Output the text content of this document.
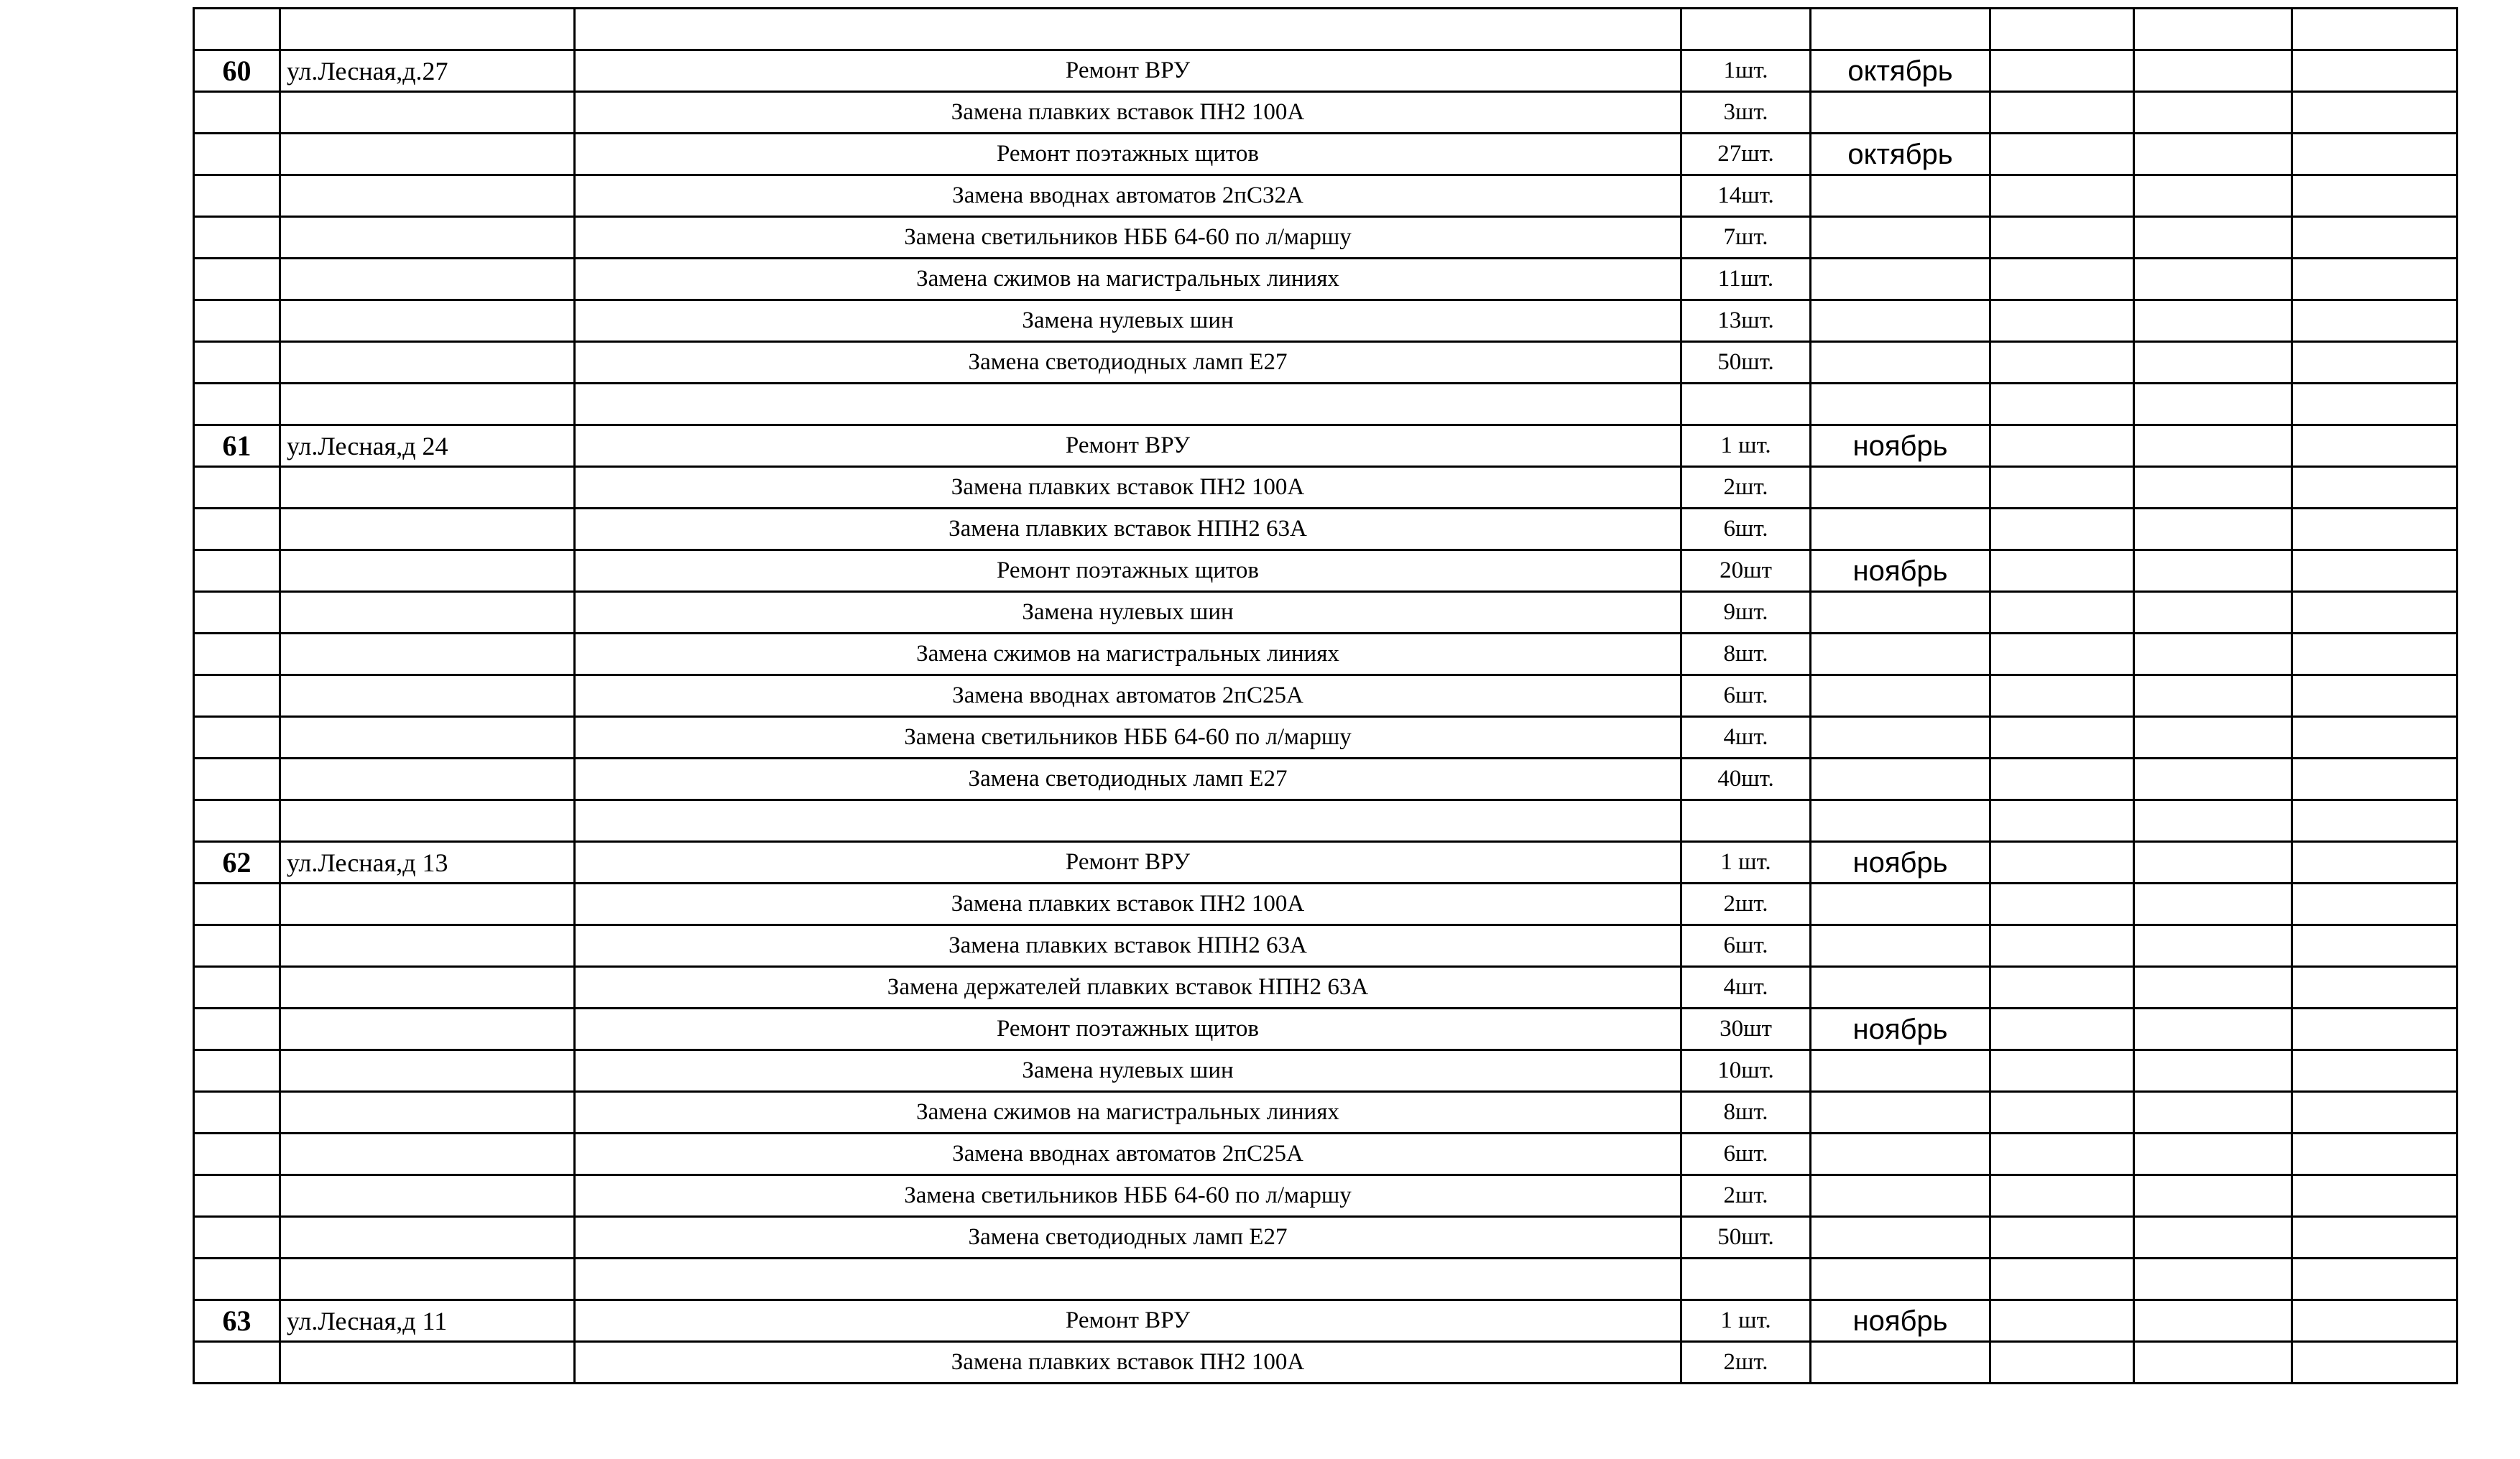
60	ул.Лесная,д.27	Ремонт ВРУ	1шт.	октябрь			
		Замена плавких вставок ПН2 100А	3шт.				
		Ремонт поэтажных щитов	27шт.	октябрь			
		Замена вводнах автоматов 2пС32А	14шт.				
		Замена светильников НББ 64-60 по л/маршу	7шт.				
		Замена сжимов на магистральных линиях	11шт.				
		Замена нулевых шин	13шт.				
		Замена светодиодных ламп Е27	50шт.				

61	ул.Лесная,д 24	Ремонт ВРУ	1 шт.	ноябрь			
		Замена плавких вставок ПН2 100А	2шт.				
		Замена плавких вставок НПН2 63А	6шт.				
		Ремонт поэтажных щитов	20шт	ноябрь			
		Замена нулевых шин	9шт.				
		Замена сжимов на магистральных линиях	8шт.				
		Замена вводнах автоматов 2пС25А	6шт.				
		Замена светильников НББ 64-60 по л/маршу	4шт.				
		Замена светодиодных ламп Е27	40шт.				

62	ул.Лесная,д 13	Ремонт ВРУ	1 шт.	ноябрь			
		Замена плавких вставок ПН2 100А	2шт.				
		Замена плавких вставок НПН2 63А	6шт.				
		Замена держателей плавких вставок НПН2 63А	4шт.				
		Ремонт поэтажных щитов	30шт	ноябрь			
		Замена нулевых шин	10шт.				
		Замена сжимов на магистральных линиях	8шт.				
		Замена вводнах автоматов 2пС25А	6шт.				
		Замена светильников НББ 64-60 по л/маршу	2шт.				
		Замена светодиодных ламп Е27	50шт.				

63	ул.Лесная,д 11	Ремонт ВРУ	1 шт.	ноябрь			
		Замена плавких вставок ПН2 100А	2шт.				
